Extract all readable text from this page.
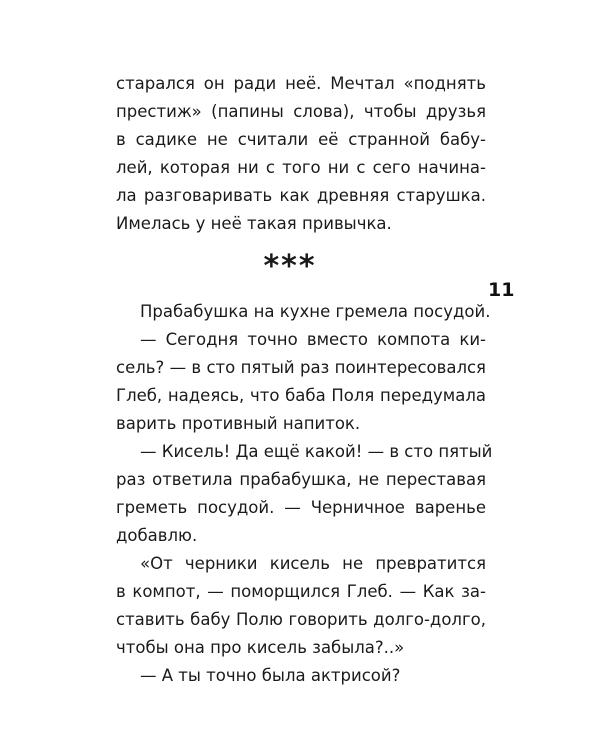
старался он ради неё. Мечтал «поднять
престиж» (папины слова), чтобы друзья
в садике не считали её странной бабу-
лей, которая ни с того ни с сего начина-
ла разговаривать как древняя старушка.
Имелась у неё такая привычка.
***
11
Прабабушка на кухне гремела посудой.
— Сегодня точно вместо компота ки-
сель? — в сто пятый раз поинтересовался
Глеб, надеясь, что баба Поля передумала
варить противный напиток.
— Кисель! Да ещё какой! — в сто пятый
раз ответила прабабушка, не переставая
греметь посудой. — Черничное варенье
добавлю.
«От черники кисель не превратится
в компот, — поморщился Глеб. — Как за-
ставить бабу Полю говорить долго-долго,
чтобы она про кисель забыла?..»
— А ты точно была актрисой?
